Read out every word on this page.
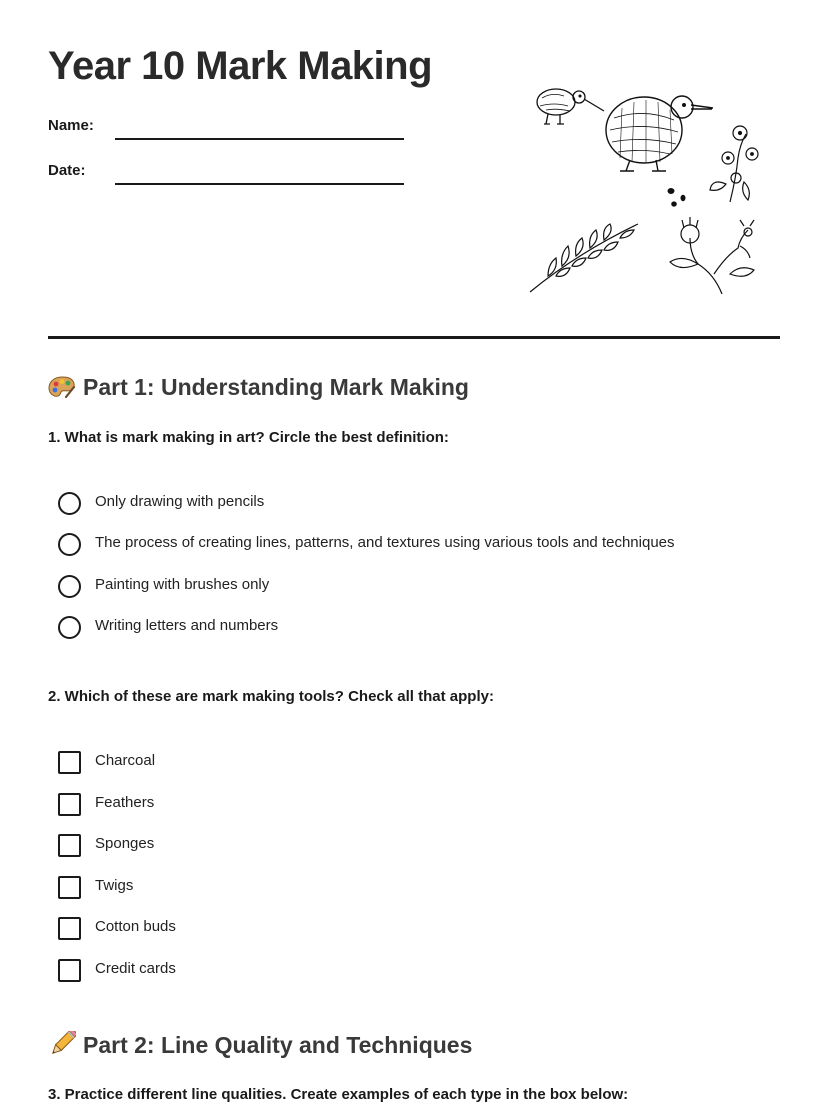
Year 10 Mark Making
Name:
Date:
Part 1: Understanding Mark Making

1. What is mark making in art? Circle the best definition:

Only drawing with pencils
The process of creating lines, patterns, and textures using various tools and techniques
Painting with brushes only
Writing letters and numbers

2. Which of these are mark making tools? Check all that apply:

Charcoal
Feathers
Sponges
Twigs
Cotton buds
Credit cards
Part 2: Line Quality and Techniques

3. Practice different line qualities. Create examples of each type in the box below:
